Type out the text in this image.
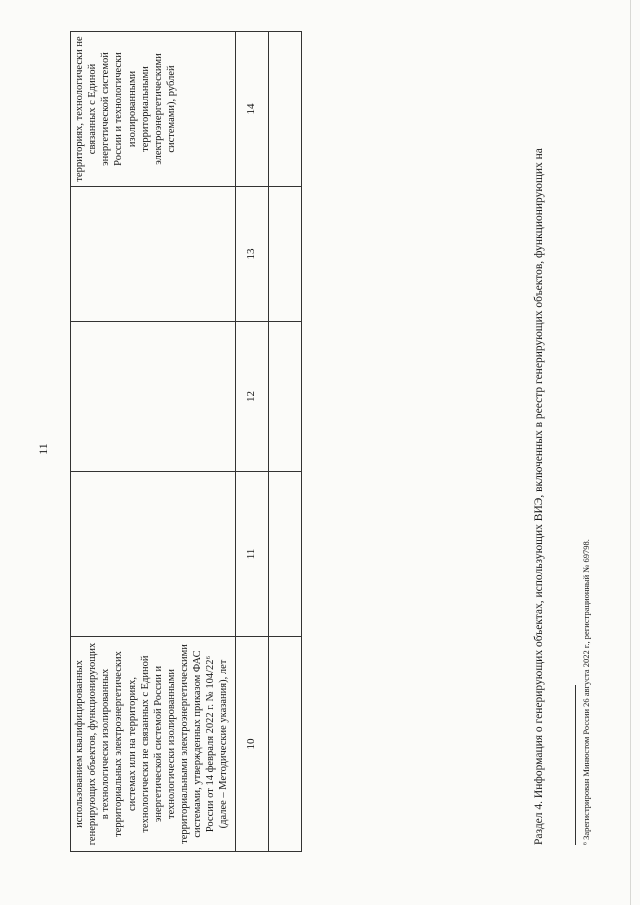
11
использованием квалифицированных генерирующих объектов, функционирующих в технологически изолированных территориальных электроэнергетических системах или на территориях, технологически не связанных с Единой энергетической системой России и технологически изолированными территориальными электроэнергетическими системами, утвержденных приказом ФАС России от 14 февраля 2022 г. № 104/22⁶ (далее – Методические указания), лет				территориях, технологически не связанных с Единой энергетической системой России и технологически изолированными территориальными электроэнергетическими системами), рублей
10	11	12	13	14

Раздел 4. Информация о генерирующих объектах, использующих ВИЭ, включенных в реестр генерирующих объектов, функционирующих на	⁶ Зарегистрирован Минюстом России 26 августа 2022 г., регистрационный № 69798.
